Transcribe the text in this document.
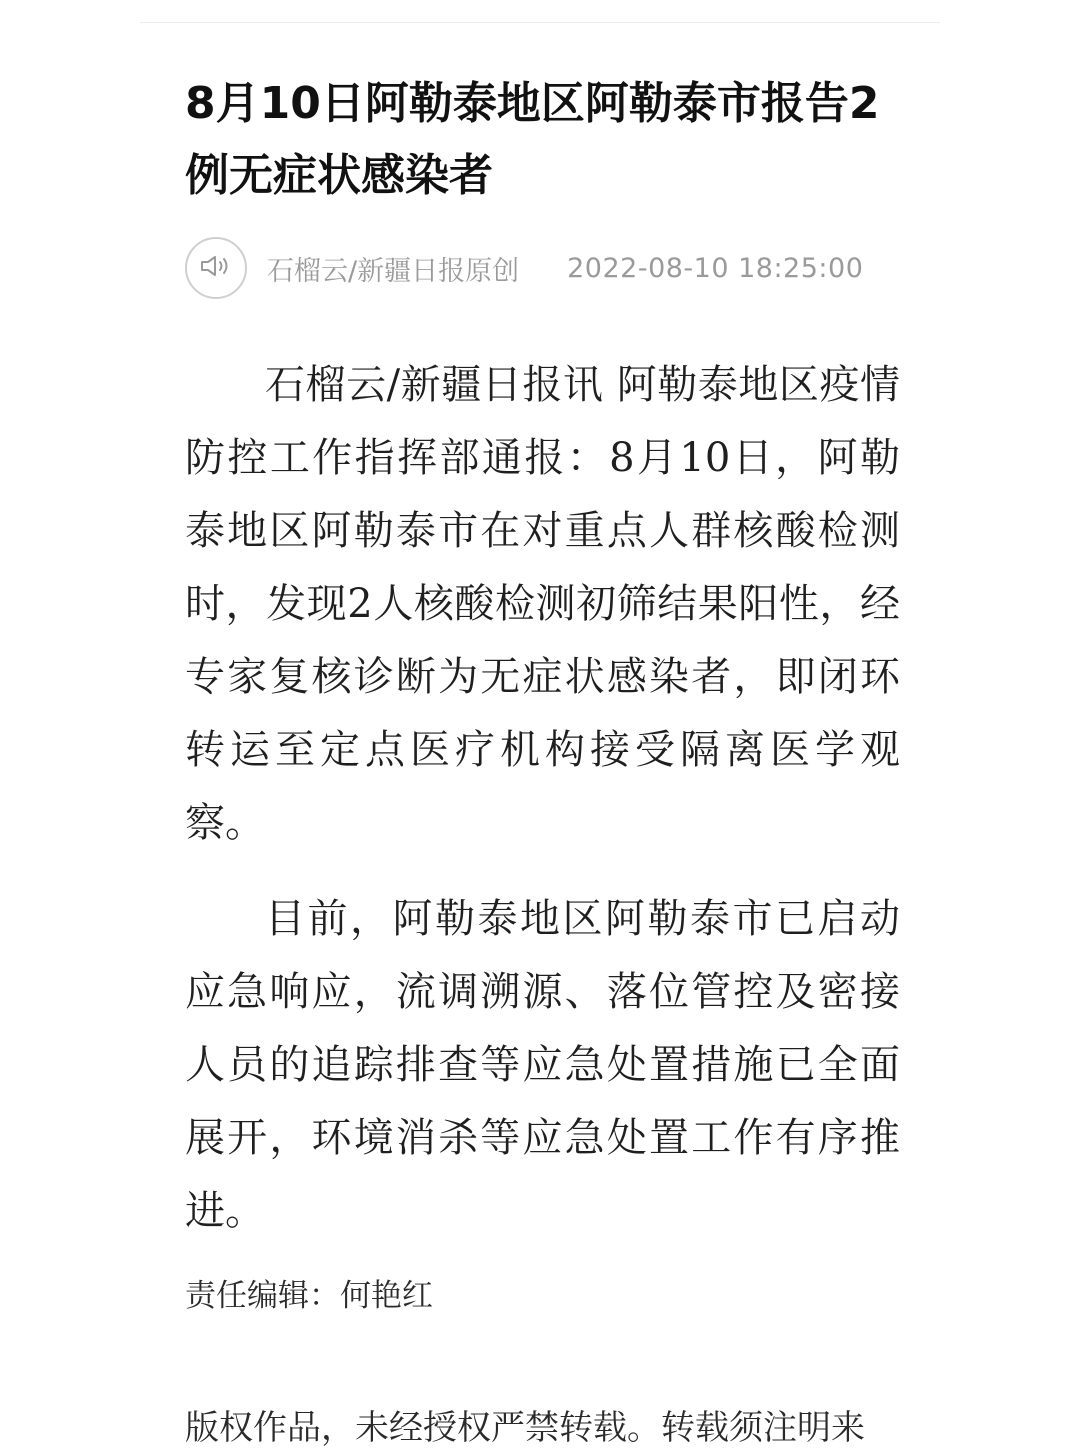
8月10日阿勒泰地区阿勒泰市报告2例无症状感染者
石榴云/新疆日报原创 2022-08-10 18:25:00

石榴云/新疆日报讯 阿勒泰地区疫情防控工作指挥部通报：8月10日，阿勒泰地区阿勒泰市在对重点人群核酸检测时，发现2人核酸检测初筛结果阳性，经专家复核诊断为无症状感染者，即闭环转运至定点医疗机构接受隔离医学观察。

目前，阿勒泰地区阿勒泰市已启动应急响应，流调溯源、落位管控及密接人员的追踪排查等应急处置措施已全面展开，环境消杀等应急处置工作有序推进。

责任编辑：何艳红
版权作品，未经授权严禁转载。转载须注明来
